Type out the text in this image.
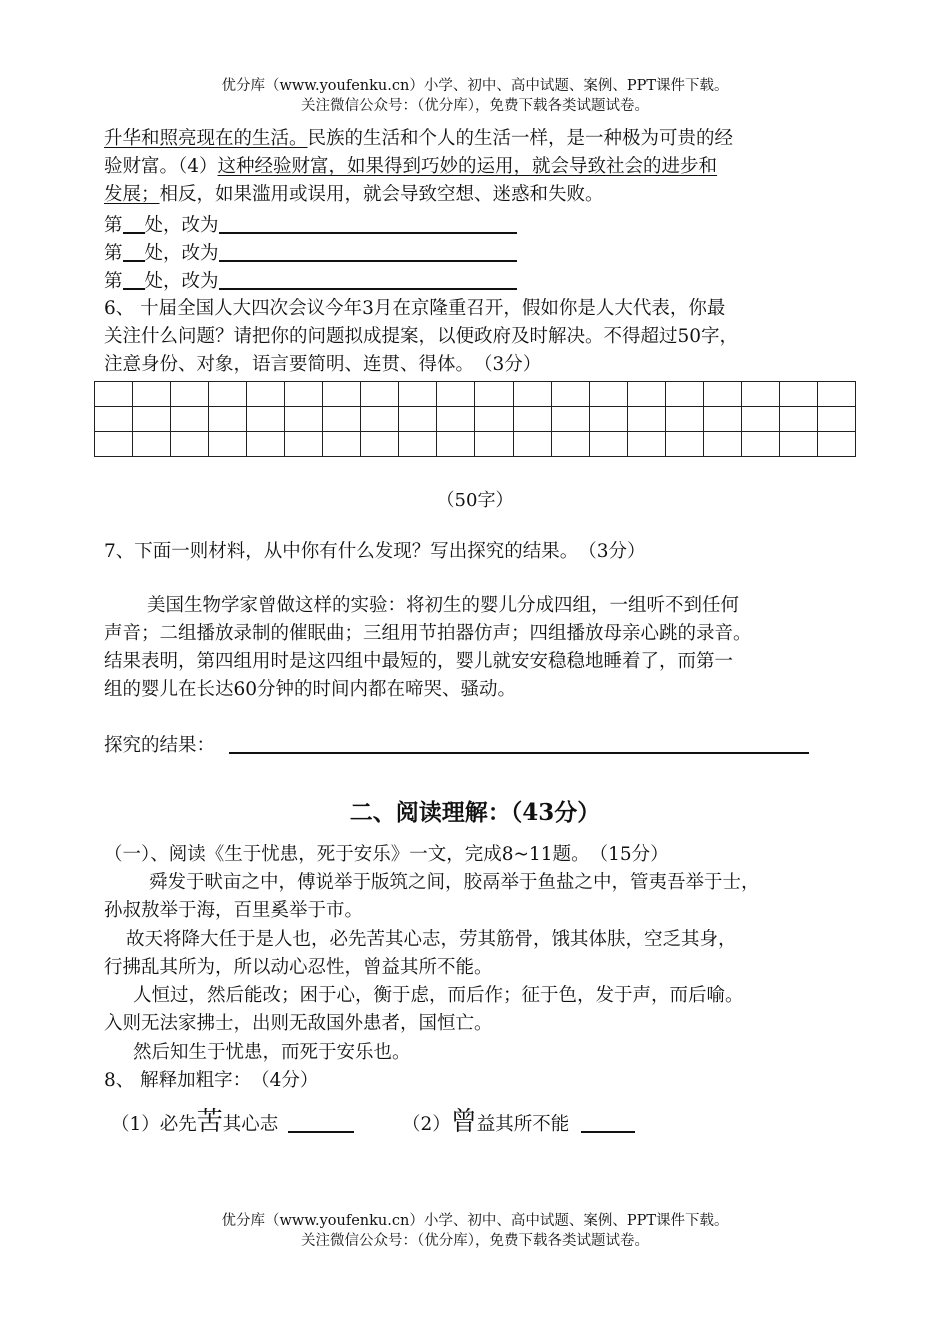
优分库（www.youfenku.cn）小学、初中、高中试题、案例、PPT课件下载。
关注微信公众号：（优分库），免费下载各类试题试卷。
升华和照亮现在的生活。民族的生活和个人的生活一样，是一种极为可贵的经
验财富。（4）这种经验财富，如果得到巧妙的运用，就会导致社会的进步和
发展；相反，如果滥用或误用，就会导致空想、迷惑和失败。
第 处，改为
第 处，改为
第 处，改为
6、 十届全国人大四次会议今年3月在京隆重召开，假如你是人大代表，你最
关注什么问题？请把你的问题拟成提案，以便政府及时解决。不得超过50字，
注意身份、对象，语言要简明、连贯、得体。　（3分）

（50字）
7、下面一则材料，从中你有什么发现？写出探究的结果。　（3分）
美国生物学家曾做这样的实验：将初生的婴儿分成四组，一组听不到任何
声音；二组播放录制的催眠曲；三组用节拍器仿声；四组播放母亲心跳的录音。
结果表明，第四组用时是这四组中最短的，婴儿就安安稳稳地睡着了，而第一
组的婴儿在长达60分钟的时间内都在啼哭、骚动。
探究的结果：
二、阅读理解：（43分）
（一）、阅读《生于忧患，死于安乐》一文，完成8~11题。　（15分）
舜发于畎亩之中，傅说举于版筑之间，胶鬲举于鱼盐之中，管夷吾举于士，
孙叔敖举于海，百里奚举于市。
故天将降大任于是人也，必先苦其心志，劳其筋骨，饿其体肤，空乏其身，
行拂乱其所为，所以动心忍性，曾益其所不能。
人恒过，然后能改；困于心，衡于虑，而后作；征于色，发于声，而后喻。
入则无法家拂士，出则无敌国外患者，国恒亡。
然后知生于忧患，而死于安乐也。
8、 解释加粗字：　（4分）
（1）必先苦其心志	（2）曾益其所不能
优分库（www.youfenku.cn）小学、初中、高中试题、案例、PPT课件下载。
关注微信公众号：（优分库），免费下载各类试题试卷。
